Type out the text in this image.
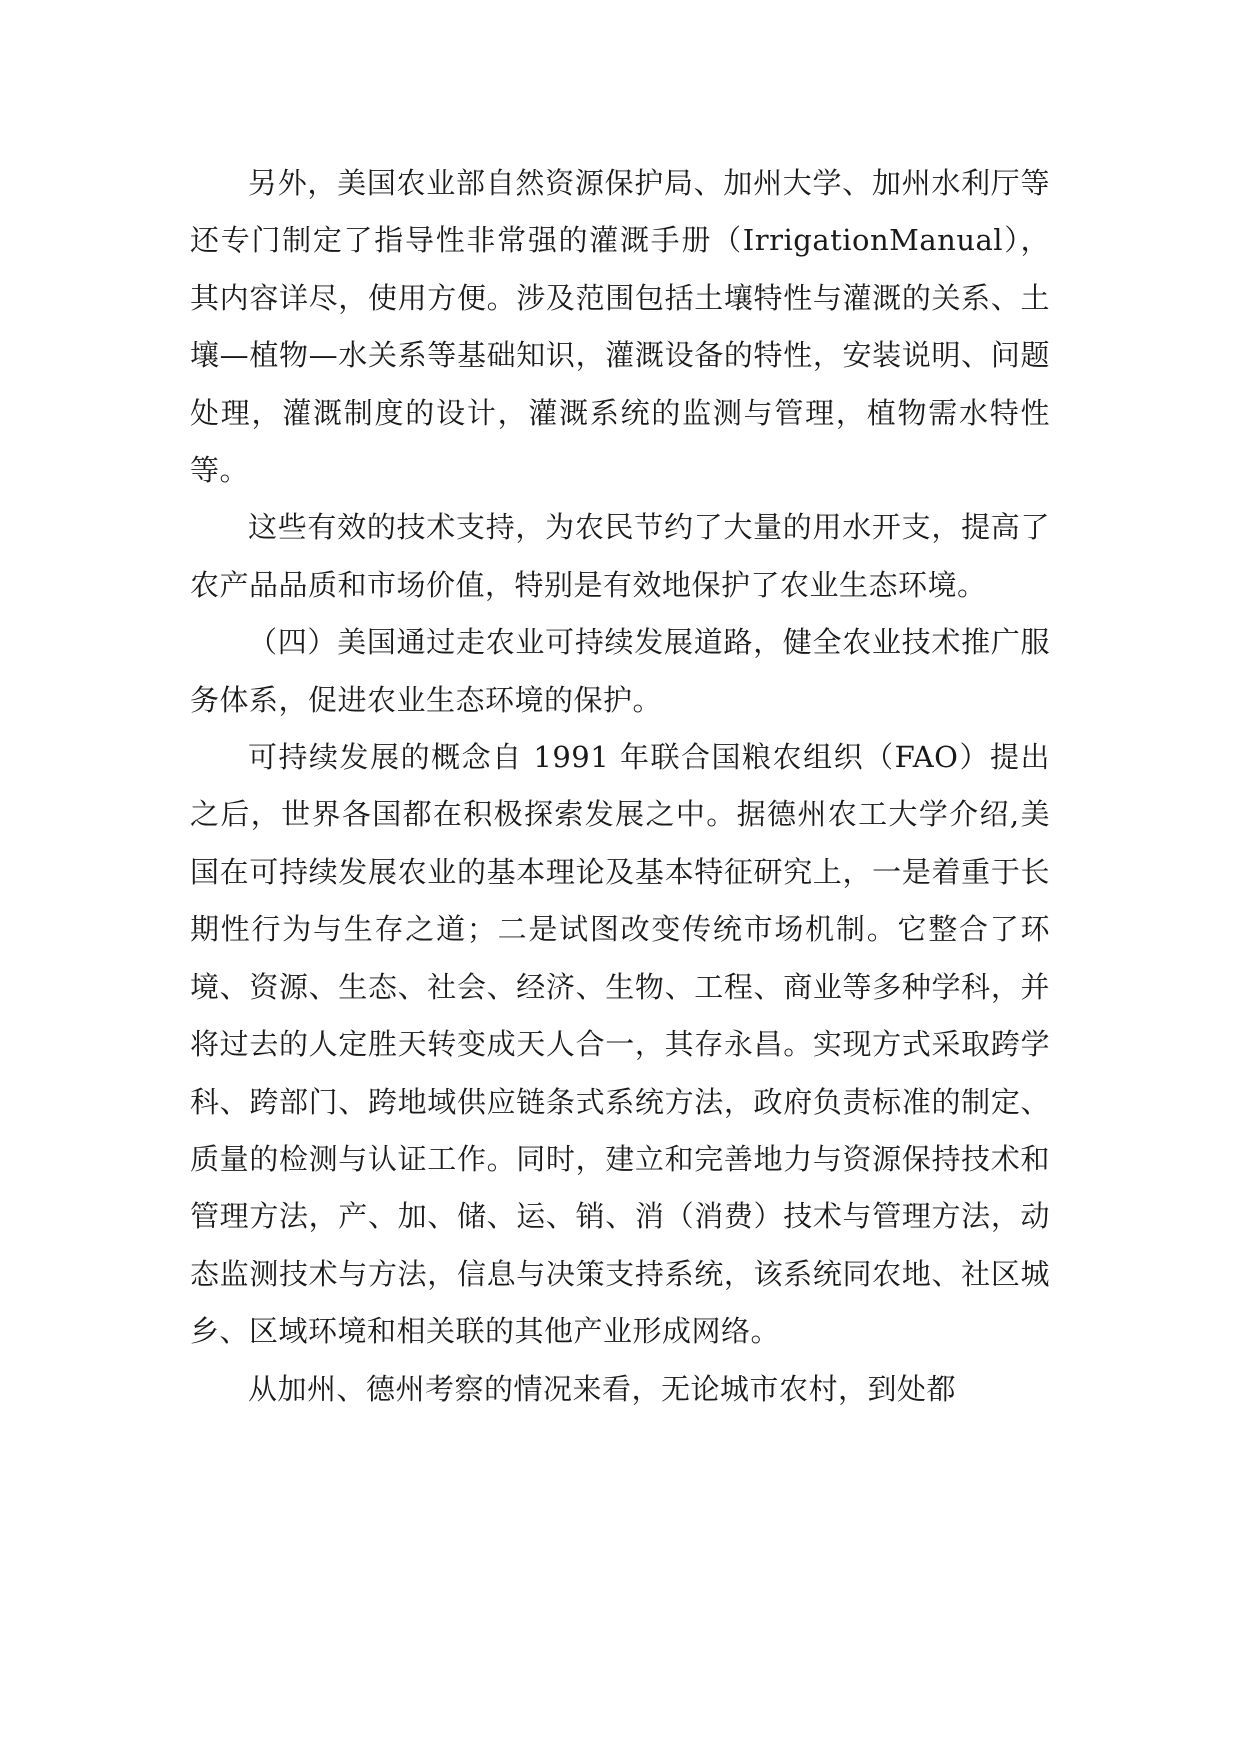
另外，美国农业部自然资源保护局、加州大学、加州水利厅等还专门制定了指导性非常强的灌溉手册（IrrigationManual），其内容详尽，使用方便。涉及范围包括土壤特性与灌溉的关系、土壤—植物—水关系等基础知识，灌溉设备的特性，安装说明、问题处理，灌溉制度的设计，灌溉系统的监测与管理，植物需水特性等。

这些有效的技术支持，为农民节约了大量的用水开支，提高了农产品品质和市场价值，特别是有效地保护了农业生态环境。

（四）美国通过走农业可持续发展道路，健全农业技术推广服务体系，促进农业生态环境的保护。

可持续发展的概念自 1991 年联合国粮农组织（FAO）提出之后，世界各国都在积极探索发展之中。据德州农工大学介绍,美国在可持续发展农业的基本理论及基本特征研究上，一是着重于长期性行为与生存之道；二是试图改变传统市场机制。它整合了环境、资源、生态、社会、经济、生物、工程、商业等多种学科，并将过去的人定胜天转变成天人合一，其存永昌。实现方式采取跨学科、跨部门、跨地域供应链条式系统方法，政府负责标准的制定、质量的检测与认证工作。同时，建立和完善地力与资源保持技术和管理方法，产、加、储、运、销、消（消费）技术与管理方法，动态监测技术与方法，信息与决策支持系统，该系统同农地、社区城乡、区域环境和相关联的其他产业形成网络。

从加州、德州考察的情况来看，无论城市农村，到处都
